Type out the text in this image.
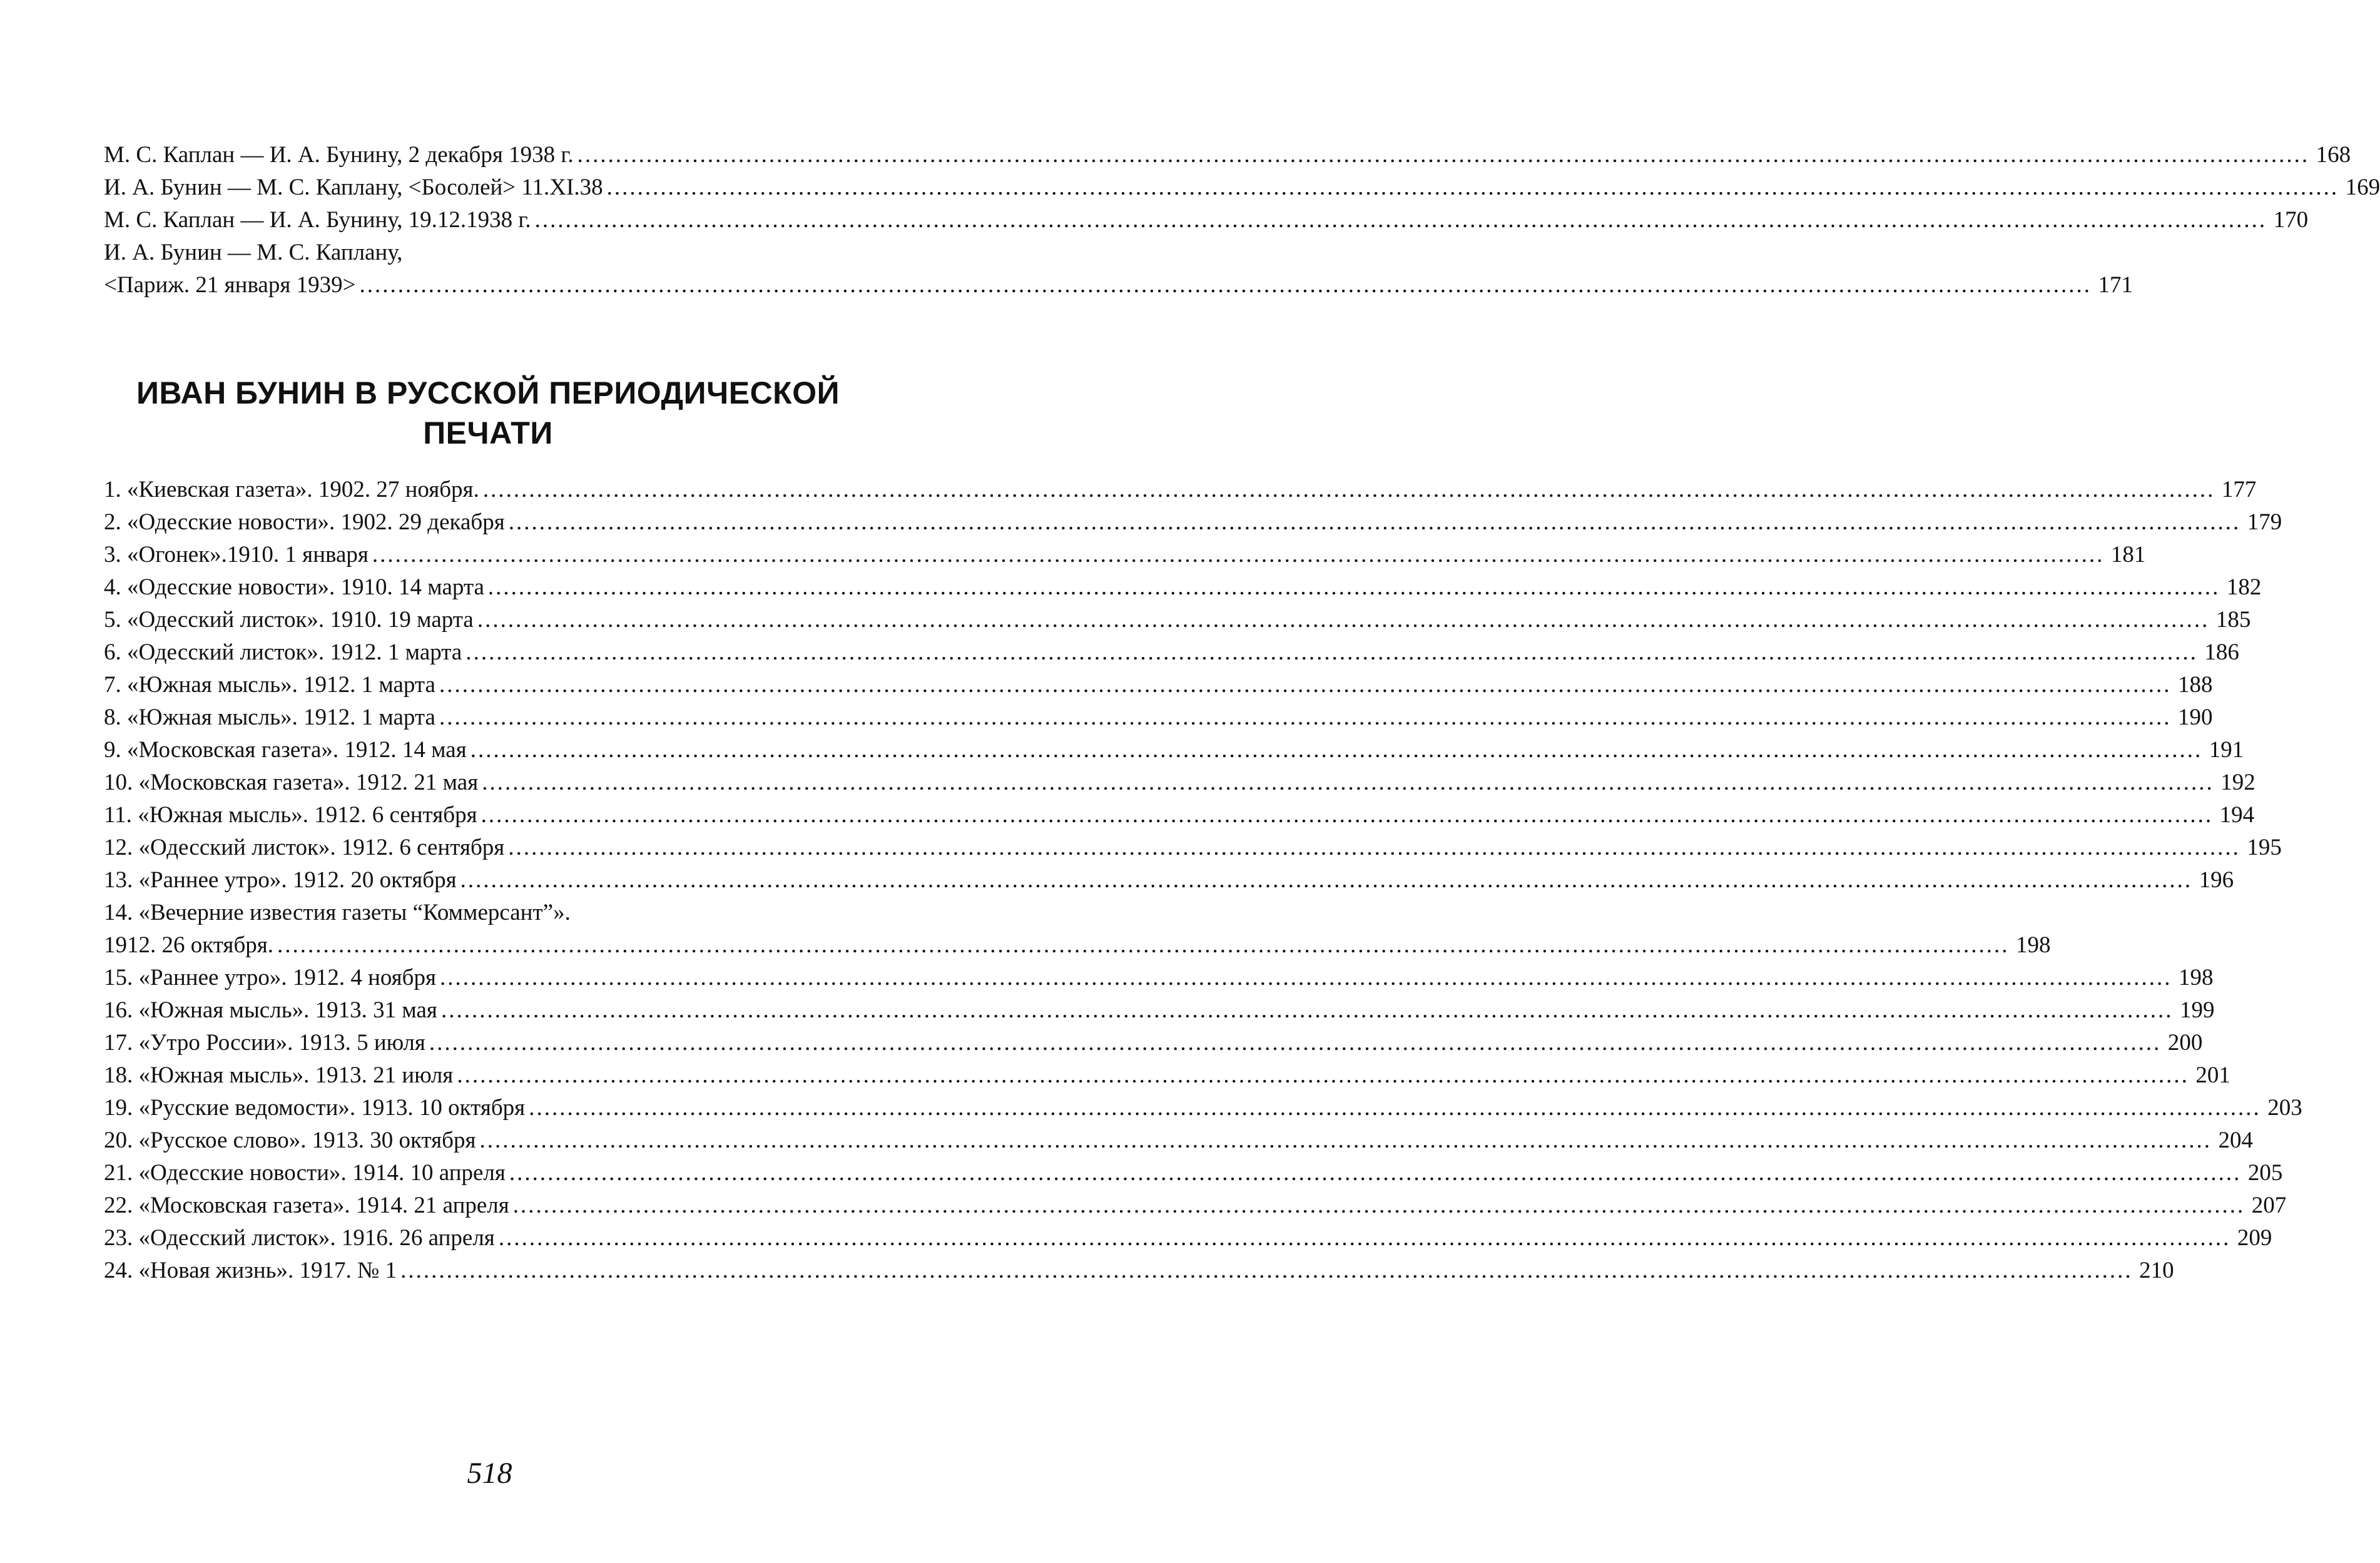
М. С. Каплан — И. А. Бунину, 2 декабря 1938 г. .....	168
И. А. Бунин — М. С. Каплану, <Босолей> 11.XI.38 .....	169
М. С. Каплан — И. А. Бунину, 19.12.1938 г. .....	170
И. А. Бунин — М. С. Каплану,
<Париж. 21 января 1939> .....	171
ИВАН БУНИН В РУССКОЙ ПЕРИОДИЧЕСКОЙ
ПЕЧАТИ
1. «Киевская газета». 1902. 27 ноября. .....	177
2. «Одесские новости». 1902. 29 декабря .....	179
3. «Огонек».1910. 1 января .....	181
4. «Одесские новости». 1910. 14 марта .....	182
5. «Одесский листок». 1910. 19 марта .....	185
6. «Одесский листок». 1912. 1 марта .....	186
7. «Южная мысль». 1912. 1 марта .....	188
8. «Южная мысль». 1912. 1 марта .....	190
9. «Московская газета». 1912. 14 мая .....	191
10. «Московская газета». 1912. 21 мая .....	192
11. «Южная мысль». 1912. 6 сентября .....	194
12. «Одесский листок». 1912. 6 сентября .....	195
13. «Раннее утро». 1912. 20 октября .....	196
14. «Вечерние известия газеты “Коммерсант”».
1912. 26 октября. .....	198
15. «Раннее утро». 1912. 4 ноября .....	198
16. «Южная мысль». 1913. 31 мая .....	199
17. «Утро России». 1913. 5 июля .....	200
18. «Южная мысль». 1913. 21 июля .....	201
19. «Русские ведомости». 1913. 10 октября .....	203
20. «Русское слово». 1913. 30 октября .....	204
21. «Одесские новости». 1914. 10 апреля .....	205
22. «Московская газета». 1914. 21 апреля .....	207
23. «Одесский листок». 1916. 26 апреля .....	209
24. «Новая жизнь». 1917. № 1 .....	210
518
